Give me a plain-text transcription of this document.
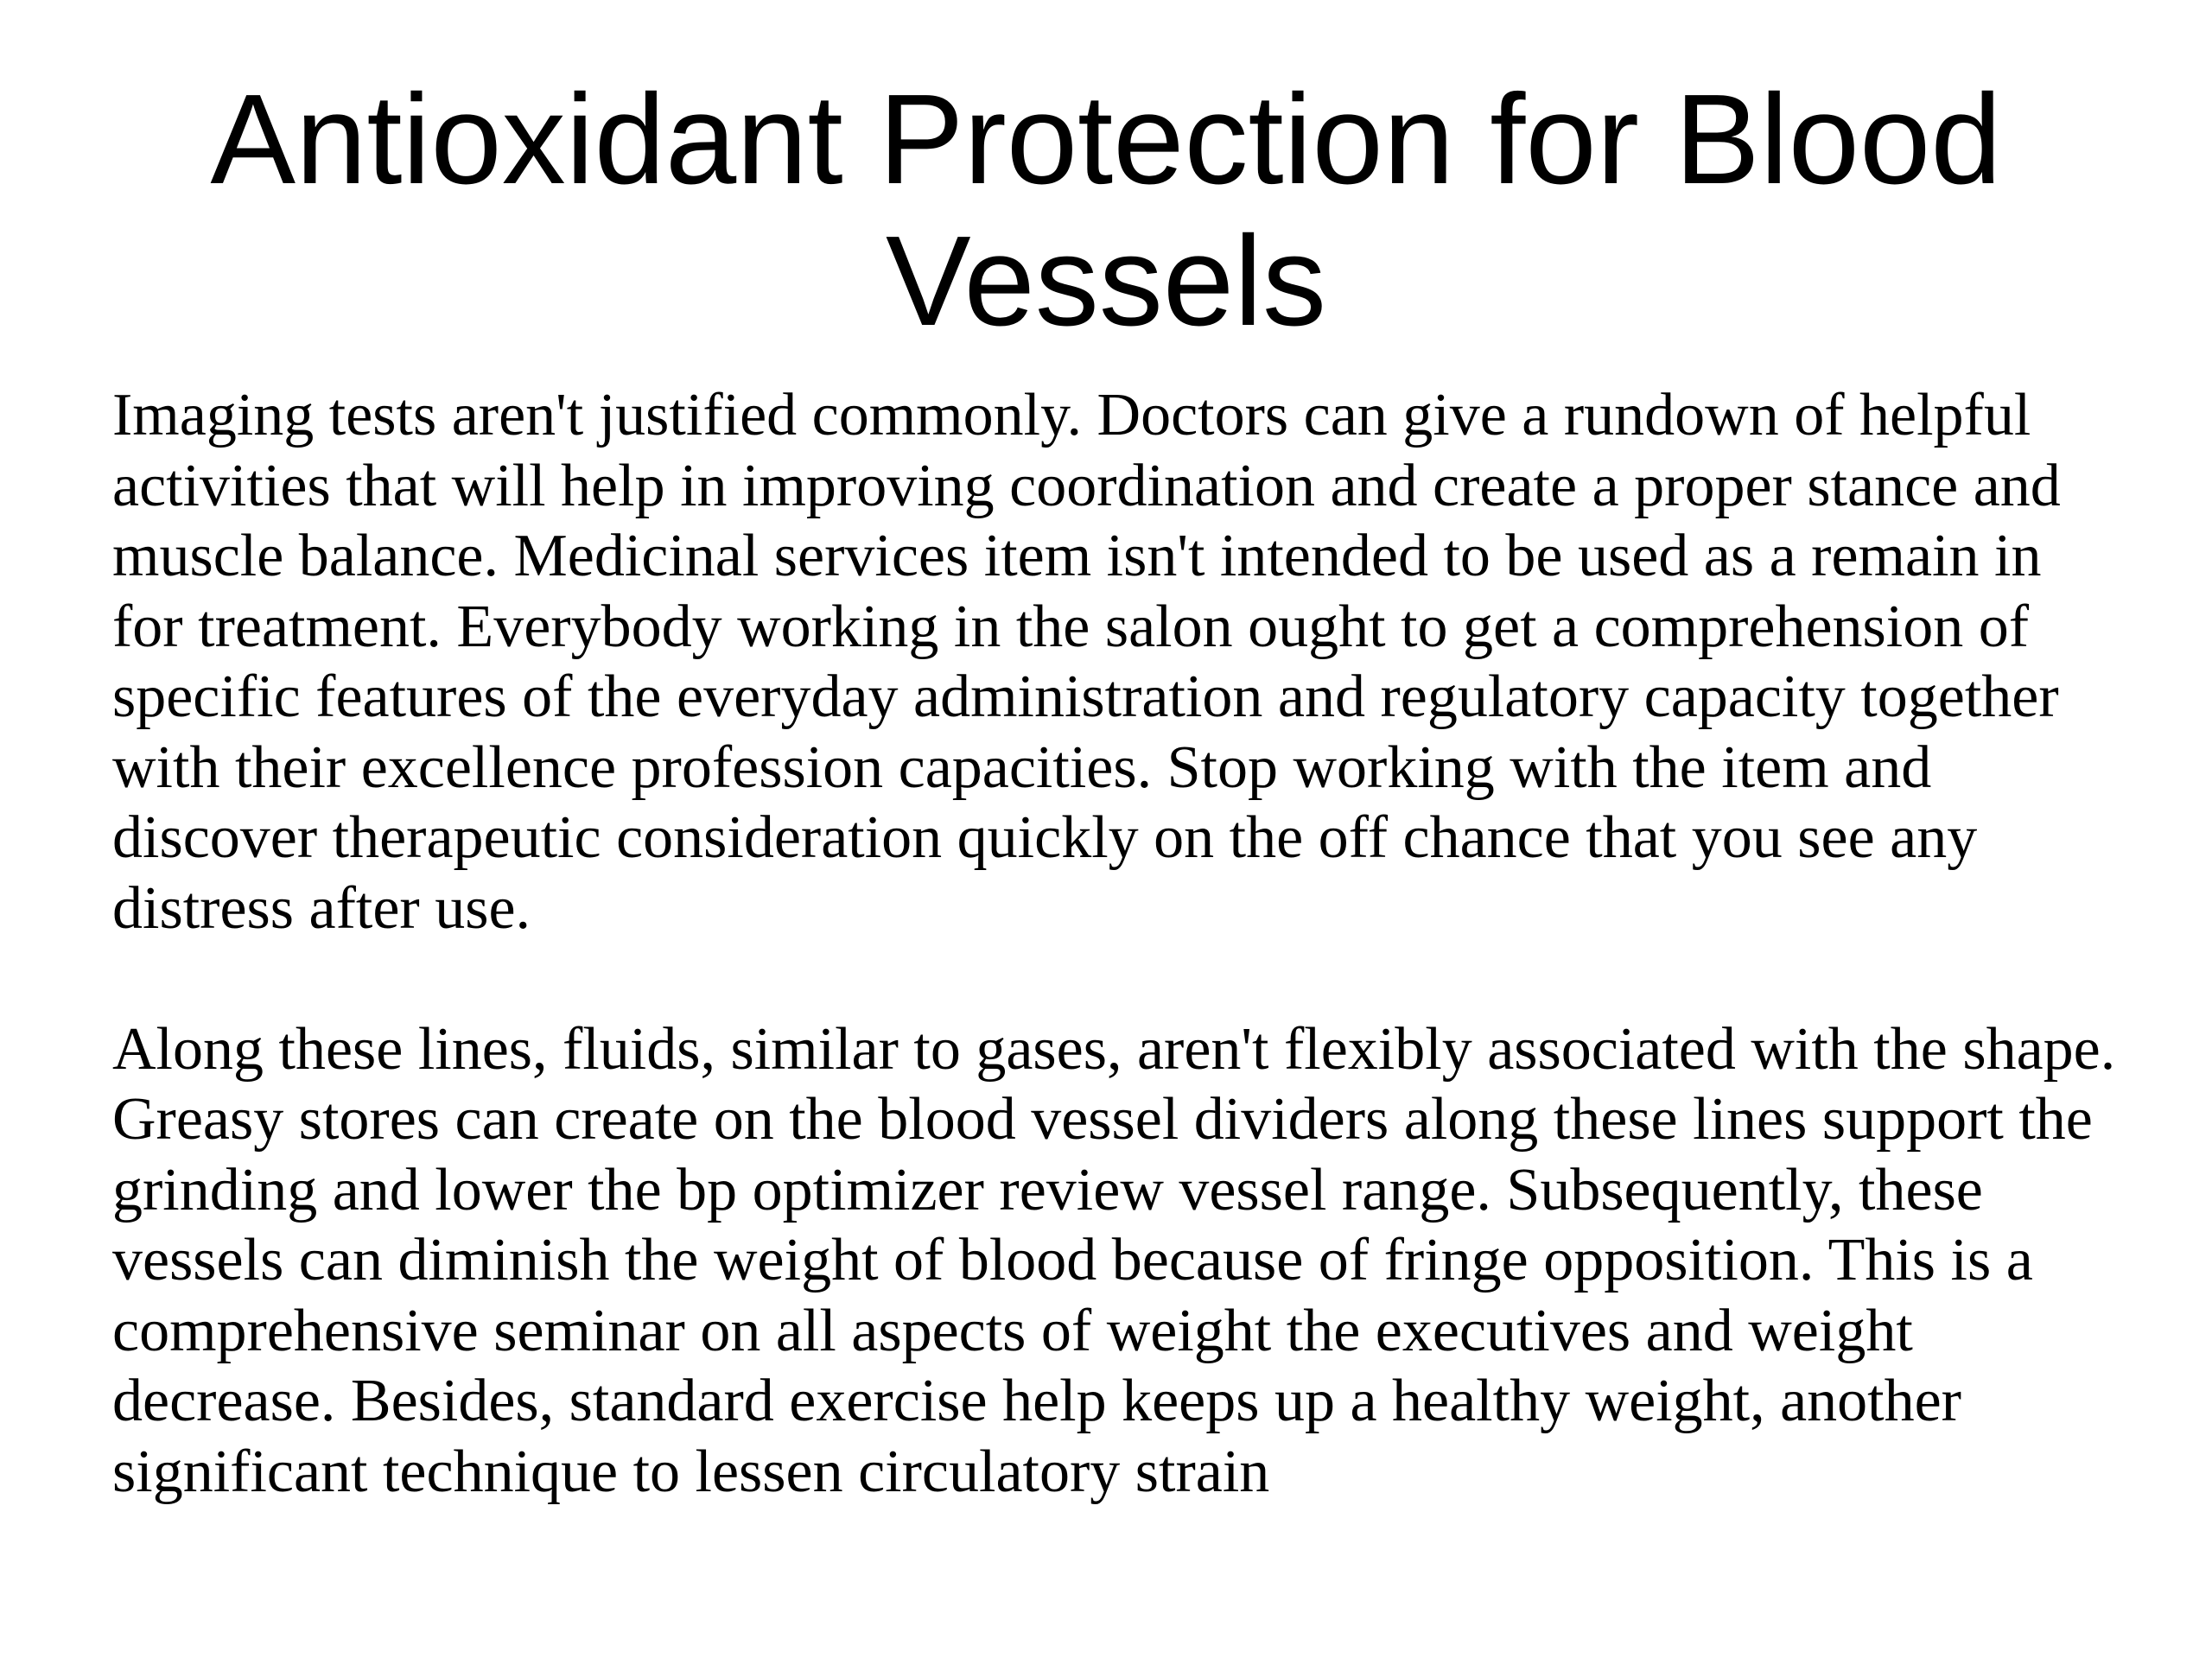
Antioxidant Protection for Blood Vessels

Imaging tests aren't justified commonly. Doctors can give a rundown of helpful activities that will help in improving coordination and create a proper stance and muscle balance. Medicinal services item isn't intended to be used as a remain in for treatment. Everybody working in the salon ought to get a comprehension of specific features of the everyday administration and regulatory capacity together with their excellence profession capacities. Stop working with the item and discover therapeutic consideration quickly on the off chance that you see any distress after use.

Along these lines, fluids, similar to gases, aren't flexibly associated with the shape. Greasy stores can create on the blood vessel dividers along these lines support the grinding and lower the bp optimizer review vessel range. Subsequently, these vessels can diminish the weight of blood because of fringe opposition. This is a comprehensive seminar on all aspects of weight the executives and weight decrease. Besides, standard exercise help keeps up a healthy weight, another significant technique to lessen circulatory strain
